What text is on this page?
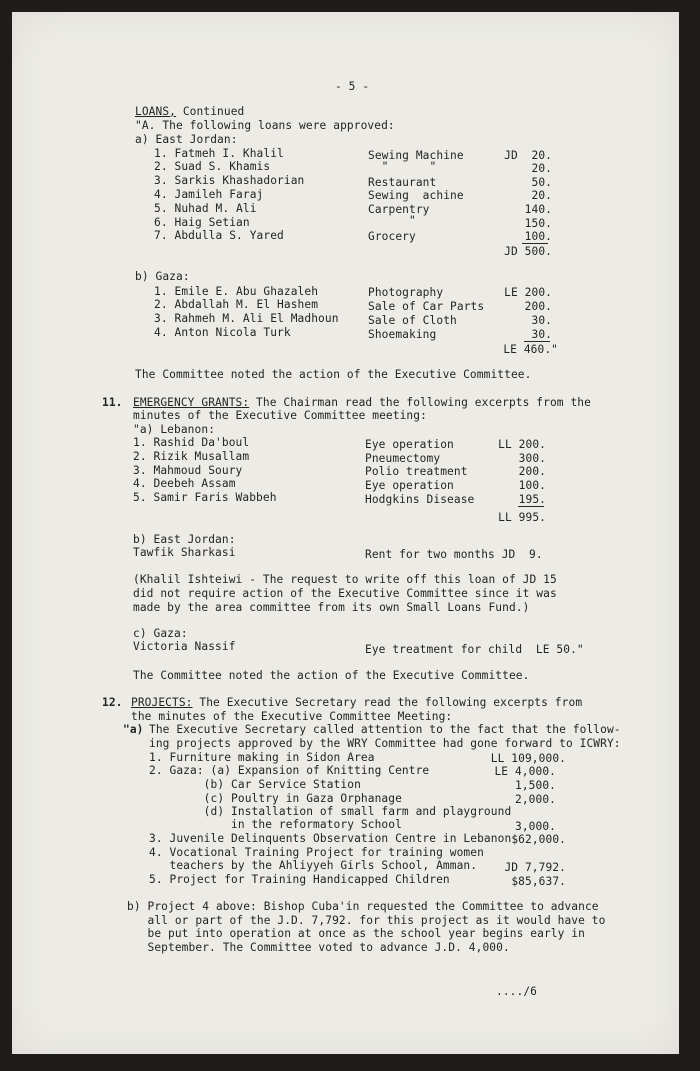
- 5 -
LOANS, Continued
"A. The following loans were approved:
a) East Jordan:
1. Fatmeh I. Khalil	Sewing Machine	JD  20.
2. Suad S. Khamis	"      "	20.
3. Sarkis Khashadorian	Restaurant	50.
4. Jamileh Faraj	Sewing  achine	20.
5. Nuhad M. Ali	Carpentry	140.
6. Haig Setian	"	150.
7. Abdulla S. Yared	Grocery	100.
JD 500.
b) Gaza:
1. Emile E. Abu Ghazaleh	Photography	LE 200.
2. Abdallah M. El Hashem	Sale of Car Parts	200.
3. Rahmeh M. Ali El Madhoun	Sale of Cloth	30.
4. Anton Nicola Turk	Shoemaking	30.
LE 460."
The Committee noted the action of the Executive Committee.
11. EMERGENCY GRANTS: The Chairman read the following excerpts from the
minutes of the Executive Committee meeting:
"a) Lebanon:
1. Rashid Da'boul	Eye operation	LL 200.
2. Rizik Musallam	Pneumectomy	300.
3. Mahmoud Soury	Polio treatment	200.
4. Deebeh Assam	Eye operation	100.
5. Samir Faris Wabbeh	Hodgkins Disease	195.
LL 995.
b) East Jordan:
Tawfik Sharkasi	Rent for two months JD  9.
(Khalil Ishteiwi - The request to write off this loan of JD 15
did not require action of the Executive Committee since it was
made by the area committee from its own Small Loans Fund.)
c) Gaza:
Victoria Nassif	Eye treatment for child  LE 50."
The Committee noted the action of the Executive Committee.
12. PROJECTS: The Executive Secretary read the following excerpts from
the minutes of the Executive Committee Meeting:
"a) The Executive Secretary called attention to the fact that the follow-
ing projects approved by the WRY Committee had gone forward to ICWRY:
1. Furniture making in Sidon Area	LL 109,000.
2. Gaza: (a) Expansion of Knitting Centre	LE 4,000.
(b) Car Service Station	1,500.
(c) Poultry in Gaza Orphanage	2,000.
(d) Installation of small farm and playground
in the reformatory School	3,000.
3. Juvenile Delinquents Observation Centre in Lebanon $62,000.
4. Vocational Training Project for training women
teachers by the Ahliyyeh Girls School, Amman.	JD 7,792.
5. Project for Training Handicapped Children	$85,637.
b) Project 4 above: Bishop Cuba'in requested the Committee to advance
all or part of the J.D. 7,792. for this project as it would have to
be put into operation at once as the school year begins early in
September. The Committee voted to advance J.D. 4,000.
..../6
